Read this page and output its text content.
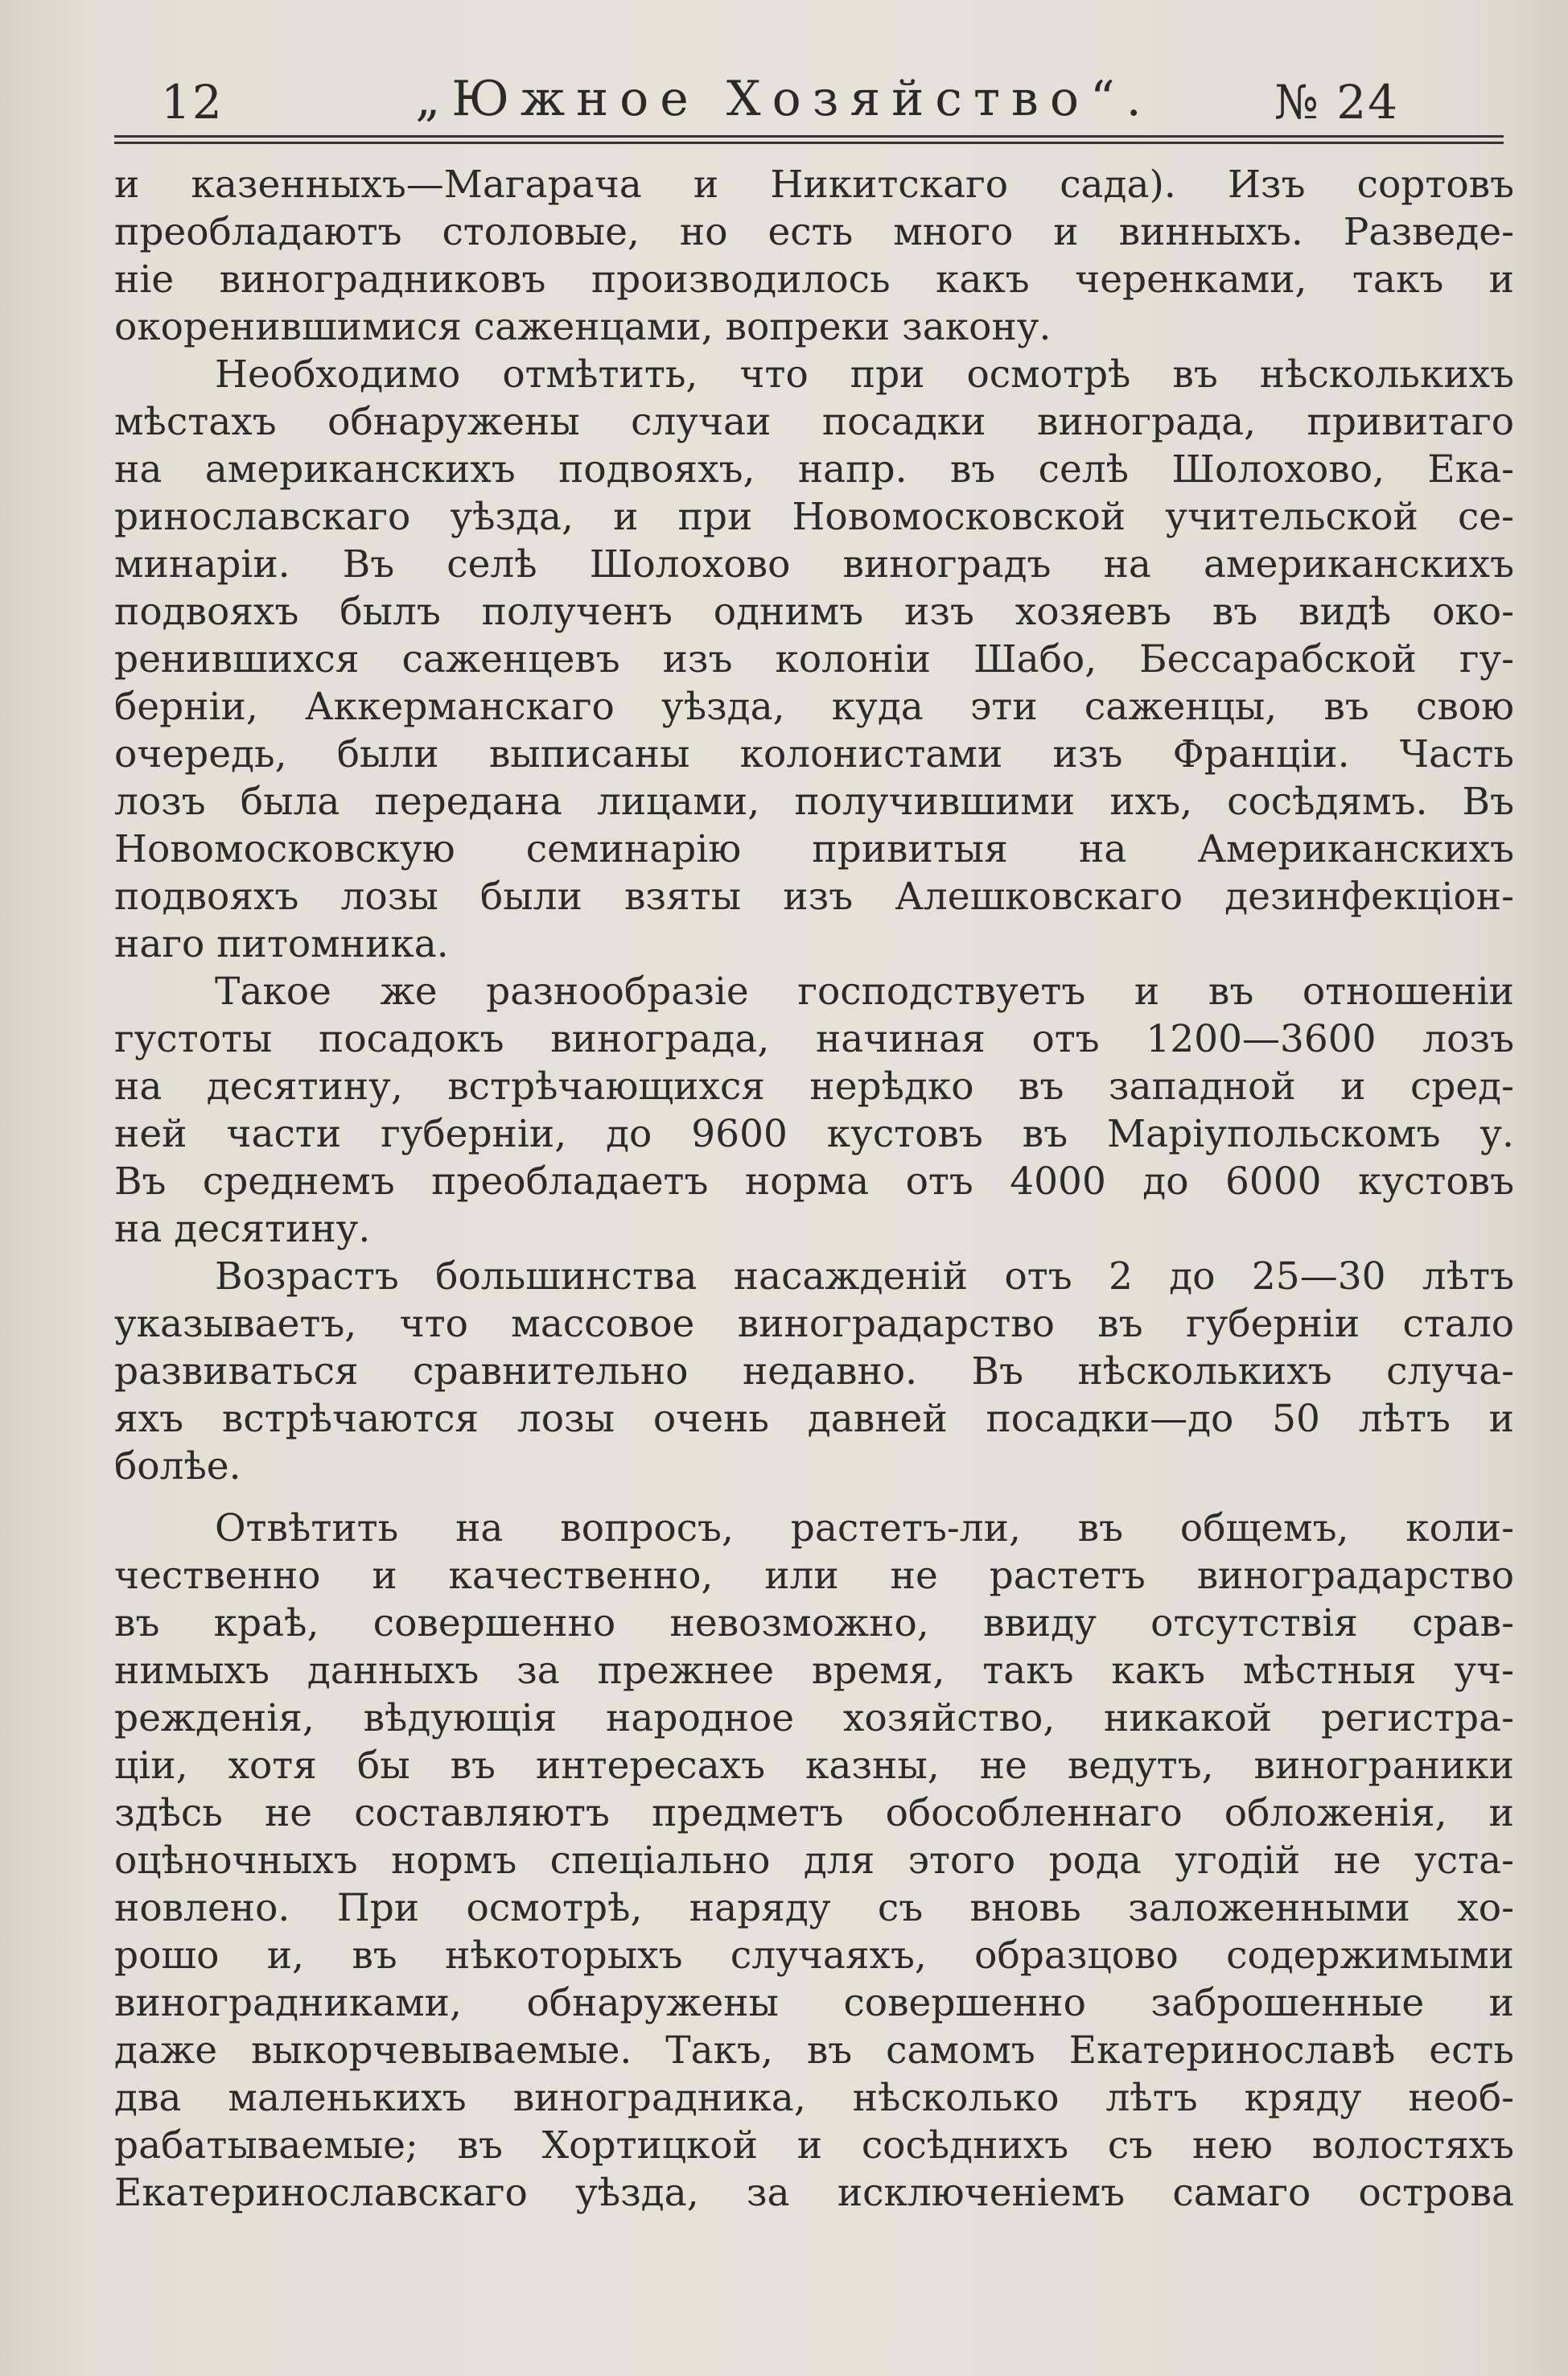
12	„Южное Хозяйство“.	№ 24
и казенныхъ—Магарача и Никитскаго сада). Изъ сортовъ
преобладаютъ столовые, но есть много и винныхъ. Разведе-
нiе виноградниковъ производилось какъ черенками, такъ и
окоренившимися саженцами, вопреки закону.
Необходимо отмѣтить, что при осмотрѣ въ нѣсколькихъ
мѣстахъ обнаружены случаи посадки винограда, привитаго
на американскихъ подвояхъ, напр. въ селѣ Шолохово, Ека-
ринославскаго уѣзда, и при Новомосковской учительской се-
минарiи. Въ селѣ Шолохово виноградъ на американскихъ
подвояхъ былъ полученъ однимъ изъ хозяевъ въ видѣ око-
ренившихся саженцевъ изъ колонiи Шабо, Бессарабской гу-
бернiи, Аккерманскаго уѣзда, куда эти саженцы, въ свою
очередь, были выписаны колонистами изъ Францiи. Часть
лозъ была передана лицами, получившими ихъ, сосѣдямъ. Въ
Новомосковскую семинарiю привитыя на Американскихъ
подвояхъ лозы были взяты изъ Алешковскаго дезинфекцiон-
наго питомника.
Такое же разнообразiе господствуетъ и въ отношенiи
густоты посадокъ винограда, начиная отъ 1200—3600 лозъ
на десятину, встрѣчающихся нерѣдко въ западной и сред-
ней части губернiи, до 9600 кустовъ въ Марiупольскомъ у.
Въ среднемъ преобладаетъ норма отъ 4000 до 6000 кустовъ
на десятину.
Возрастъ большинства насажденiй отъ 2 до 25—30 лѣтъ
указываетъ, что массовое виноградарство въ губернiи стало
развиваться сравнительно недавно. Въ нѣсколькихъ случа-
яхъ встрѣчаются лозы очень давней посадки—до 50 лѣтъ и
болѣе.
Отвѣтить на вопросъ, растетъ-ли, въ общемъ, коли-
чественно и качественно, или не растетъ виноградарство
въ краѣ, совершенно невозможно, ввиду отсутствiя срав-
нимыхъ данныхъ за прежнее время, такъ какъ мѣстныя уч-
режденiя, вѣдующiя народное хозяйство, никакой регистра-
цiи, хотя бы въ интересахъ казны, не ведутъ, винограники
здѣсь не составляютъ предметъ обособленнаго обложенiя, и
оцѣночныхъ нормъ спецiально для этого рода угодiй не уста-
новлено. При осмотрѣ, наряду съ вновь заложенными хо-
рошо и, въ нѣкоторыхъ случаяхъ, образцово содержимыми
виноградниками, обнаружены совершенно заброшенные и
даже выкорчевываемые. Такъ, въ самомъ Екатеринославѣ есть
два маленькихъ виноградника, нѣсколько лѣтъ кряду необ-
рабатываемые; въ Хортицкой и сосѣднихъ съ нею волостяхъ
Екатеринославскаго уѣзда, за исключенiемъ самаго острова
